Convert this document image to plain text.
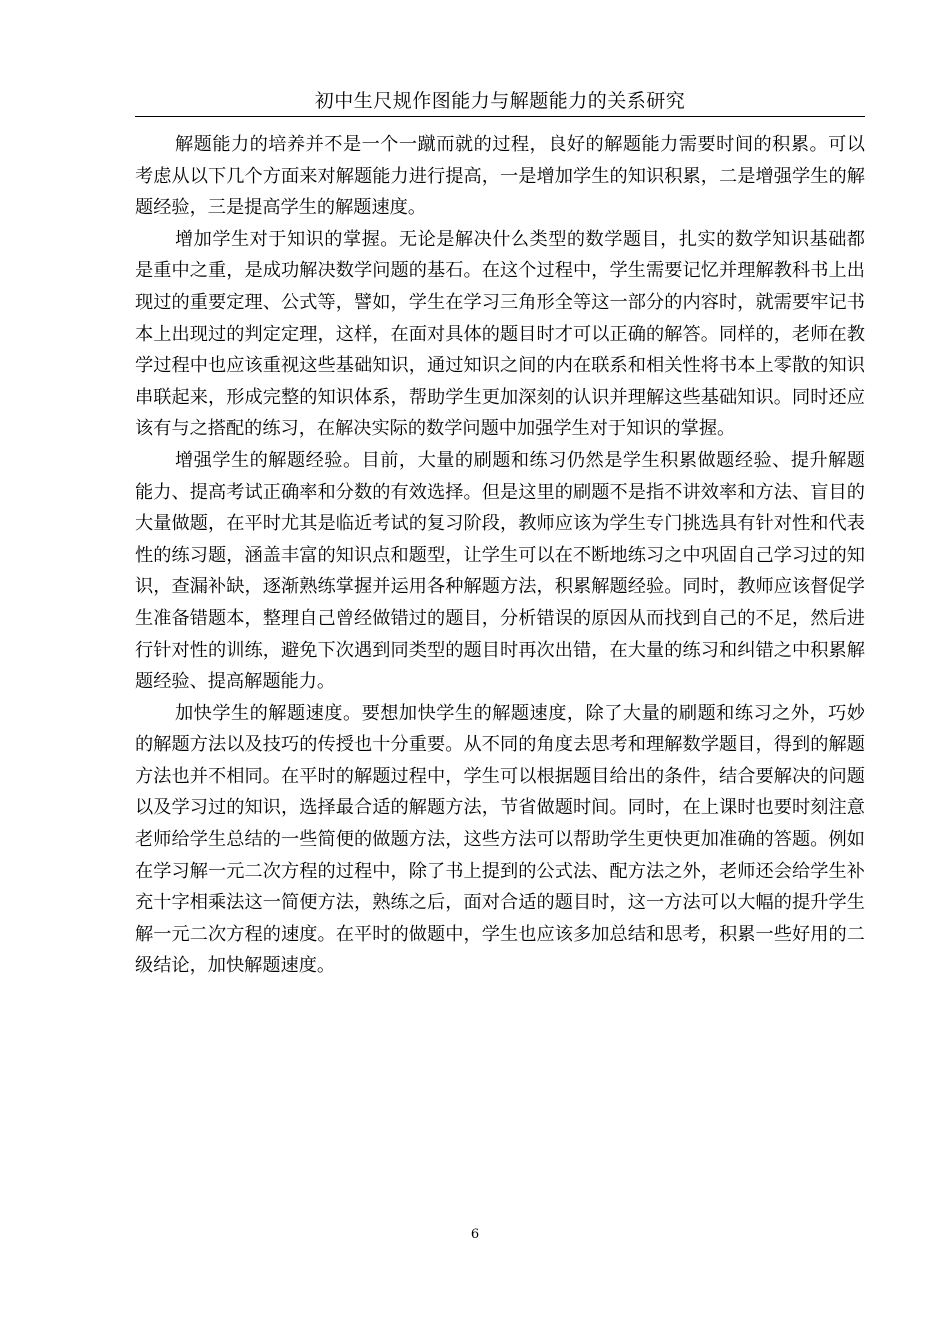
初中生尺规作图能力与解题能力的关系研究

解题能力的培养并不是一个一蹴而就的过程，良好的解题能力需要时间的积累。可以考虑从以下几个方面来对解题能力进行提高，一是增加学生的知识积累，二是增强学生的解题经验，三是提高学生的解题速度。

增加学生对于知识的掌握。无论是解决什么类型的数学题目，扎实的数学知识基础都是重中之重，是成功解决数学问题的基石。在这个过程中，学生需要记忆并理解教科书上出现过的重要定理、公式等，譬如，学生在学习三角形全等这一部分的内容时，就需要牢记书本上出现过的判定定理，这样，在面对具体的题目时才可以正确的解答。同样的，老师在教学过程中也应该重视这些基础知识，通过知识之间的内在联系和相关性将书本上零散的知识串联起来，形成完整的知识体系，帮助学生更加深刻的认识并理解这些基础知识。同时还应该有与之搭配的练习，在解决实际的数学问题中加强学生对于知识的掌握。

增强学生的解题经验。目前，大量的刷题和练习仍然是学生积累做题经验、提升解题能力、提高考试正确率和分数的有效选择。但是这里的刷题不是指不讲效率和方法、盲目的大量做题，在平时尤其是临近考试的复习阶段，教师应该为学生专门挑选具有针对性和代表性的练习题，涵盖丰富的知识点和题型，让学生可以在不断地练习之中巩固自己学习过的知识，查漏补缺，逐渐熟练掌握并运用各种解题方法，积累解题经验。同时，教师应该督促学生准备错题本，整理自己曾经做错过的题目，分析错误的原因从而找到自己的不足，然后进行针对性的训练，避免下次遇到同类型的题目时再次出错，在大量的练习和纠错之中积累解题经验、提高解题能力。

加快学生的解题速度。要想加快学生的解题速度，除了大量的刷题和练习之外，巧妙的解题方法以及技巧的传授也十分重要。从不同的角度去思考和理解数学题目，得到的解题方法也并不相同。在平时的解题过程中，学生可以根据题目给出的条件，结合要解决的问题以及学习过的知识，选择最合适的解题方法，节省做题时间。同时，在上课时也要时刻注意老师给学生总结的一些简便的做题方法，这些方法可以帮助学生更快更加准确的答题。例如在学习解一元二次方程的过程中，除了书上提到的公式法、配方法之外，老师还会给学生补充十字相乘法这一简便方法，熟练之后，面对合适的题目时，这一方法可以大幅的提升学生解一元二次方程的速度。在平时的做题中，学生也应该多加总结和思考，积累一些好用的二级结论，加快解题速度。

6
